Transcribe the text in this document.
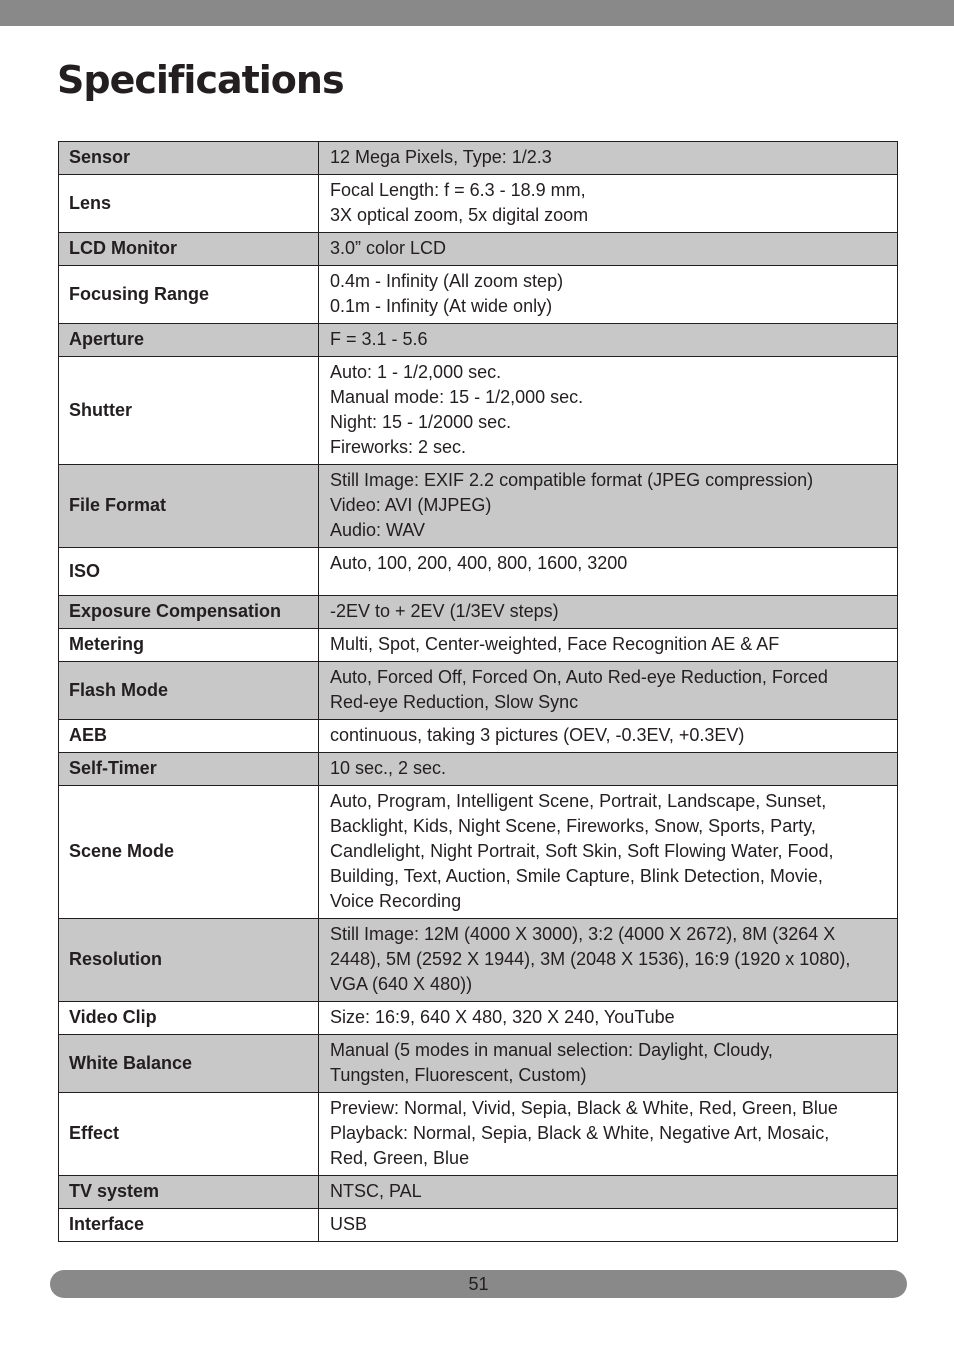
Specifications
Sensor	12 Mega Pixels, Type: 1/2.3

Lens	Focal Length: f = 6.3 - 18.9 mm,
3X optical zoom, 5x digital zoom

LCD Monitor	3.0” color LCD

Focusing Range	0.4m - Infinity (All zoom step)
0.1m - Infinity (At wide only)

Aperture	F = 3.1 - 5.6

Shutter	Auto: 1 - 1/2,000 sec.
Manual mode: 15 - 1/2,000 sec.
Night: 15 - 1/2000 sec.
Fireworks: 2 sec.

File Format	Still Image: EXIF 2.2 compatible format (JPEG compression)
Video: AVI (MJPEG)
Audio: WAV

ISO	Auto, 100, 200, 400, 800, 1600, 3200

Exposure Compensation	-2EV to + 2EV (1/3EV steps)

Metering	Multi, Spot, Center-weighted, Face Recognition AE & AF

Flash Mode	Auto, Forced Off, Forced On, Auto Red-eye Reduction, Forced
Red-eye Reduction, Slow Sync

AEB	continuous, taking 3 pictures (OEV, -0.3EV, +0.3EV)

Self-Timer	10 sec., 2 sec.

Scene Mode	Auto, Program, Intelligent Scene, Portrait, Landscape, Sunset,
Backlight, Kids, Night Scene, Fireworks, Snow, Sports, Party,
Candlelight, Night Portrait, Soft Skin, Soft Flowing Water, Food,
Building, Text, Auction, Smile Capture, Blink Detection, Movie,
Voice Recording

Resolution	Still Image: 12M (4000 X 3000), 3:2 (4000 X 2672), 8M (3264 X
2448), 5M (2592 X 1944), 3M (2048 X 1536), 16:9 (1920 x 1080),
VGA (640 X 480))

Video Clip	Size: 16:9, 640 X 480, 320 X 240, YouTube

White Balance	Manual (5 modes in manual selection: Daylight, Cloudy,
Tungsten, Fluorescent, Custom)

Effect	Preview: Normal, Vivid, Sepia, Black & White, Red, Green, Blue
Playback: Normal, Sepia, Black & White, Negative Art, Mosaic,
Red, Green, Blue

TV system	NTSC, PAL

Interface	USB
51
